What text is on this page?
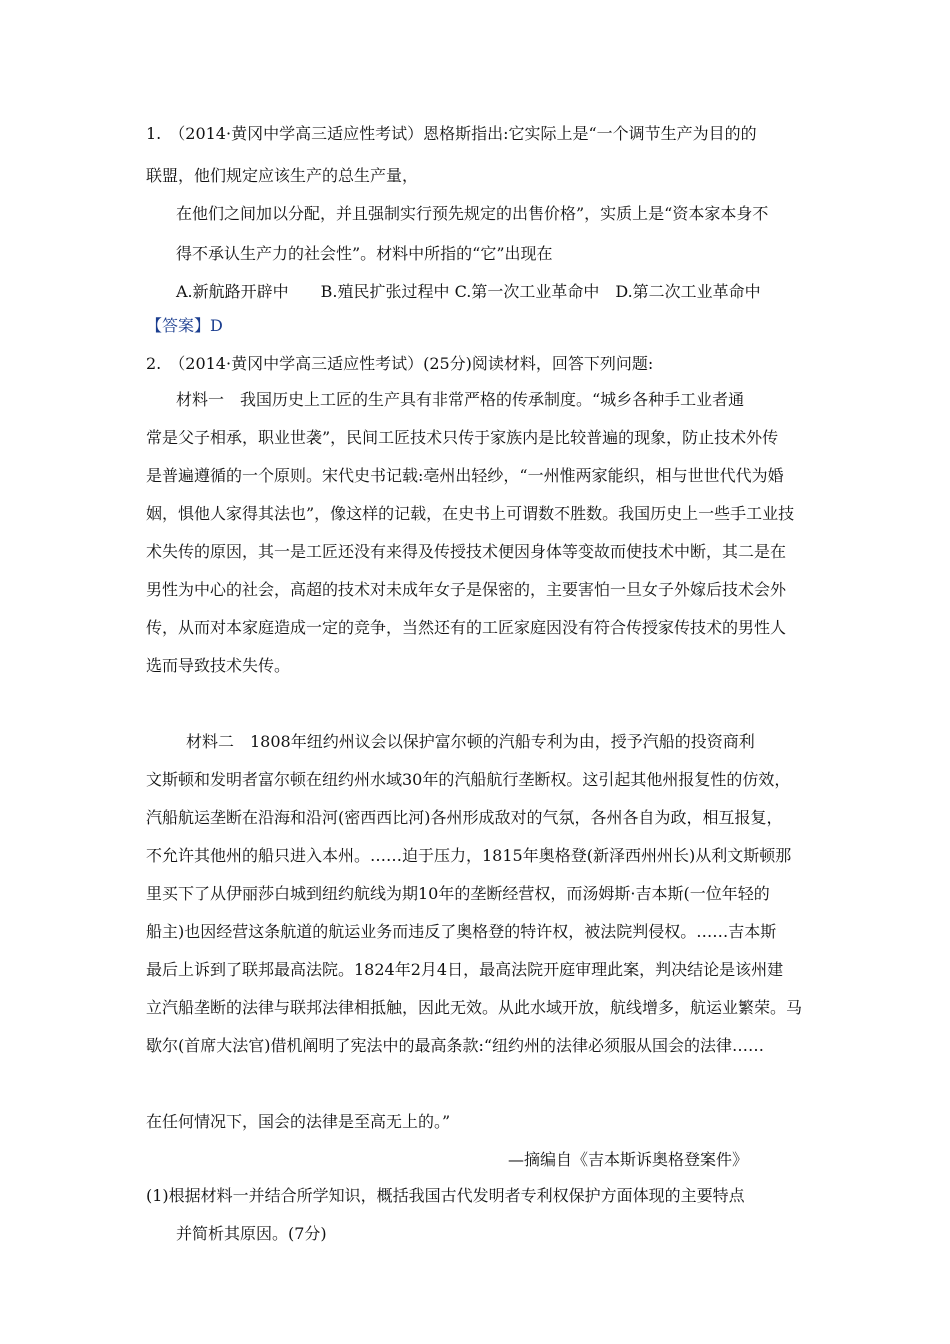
1.　（2014·黄冈中学高三适应性考试）恩格斯指出:它实际上是“一个调节生产为目的的
联盟，他们规定应该生产的总生产量，
在他们之间加以分配，并且强制实行预先规定的出售价格”，实质上是“资本家本身不
得不承认生产力的社会性”。材料中所指的“它”出现在
A.新航路开辟中　　B.殖民扩张过程中 C.第一次工业革命中　D.第二次工业革命中
【答案】D
2.　（2014·黄冈中学高三适应性考试）(25分)阅读材料，回答下列问题:
材料一　我国历史上工匠的生产具有非常严格的传承制度。“城乡各种手工业者通
常是父子相承，职业世袭”，民间工匠技术只传于家族内是比较普遍的现象，防止技术外传
是普遍遵循的一个原则。宋代史书记载:亳州出轻纱，“一州惟两家能织，相与世世代代为婚
姻，惧他人家得其法也”，像这样的记载，在史书上可谓数不胜数。我国历史上一些手工业技
术失传的原因，其一是工匠还没有来得及传授技术便因身体等变故而使技术中断，其二是在
男性为中心的社会，高超的技术对未成年女子是保密的，主要害怕一旦女子外嫁后技术会外
传，从而对本家庭造成一定的竞争，当然还有的工匠家庭因没有符合传授家传技术的男性人
选而导致技术失传。
材料二　1808年纽约州议会以保护富尔顿的汽船专利为由，授予汽船的投资商利
文斯顿和发明者富尔顿在纽约州水域30年的汽船航行垄断权。这引起其他州报复性的仿效，
汽船航运垄断在沿海和沿河(密西西比河)各州形成敌对的气氛，各州各自为政，相互报复，
不允许其他州的船只进入本州。……迫于压力，1815年奥格登(新泽西州州长)从利文斯顿那
里买下了从伊丽莎白城到纽约航线为期10年的垄断经营权，而汤姆斯·吉本斯(一位年轻的
船主)也因经营这条航道的航运业务而违反了奥格登的特许权，被法院判侵权。……吉本斯
最后上诉到了联邦最高法院。1824年2月4日，最高法院开庭审理此案，判决结论是该州建
立汽船垄断的法律与联邦法律相抵触，因此无效。从此水域开放，航线增多，航运业繁荣。马
歇尔(首席大法官)借机阐明了宪法中的最高条款:“纽约州的法律必须服从国会的法律……
在任何情况下，国会的法律是至高无上的。”
—摘编自《吉本斯诉奥格登案件》
(1)根据材料一并结合所学知识，概括我国古代发明者专利权保护方面体现的主要特点
并简析其原因。(7分)
